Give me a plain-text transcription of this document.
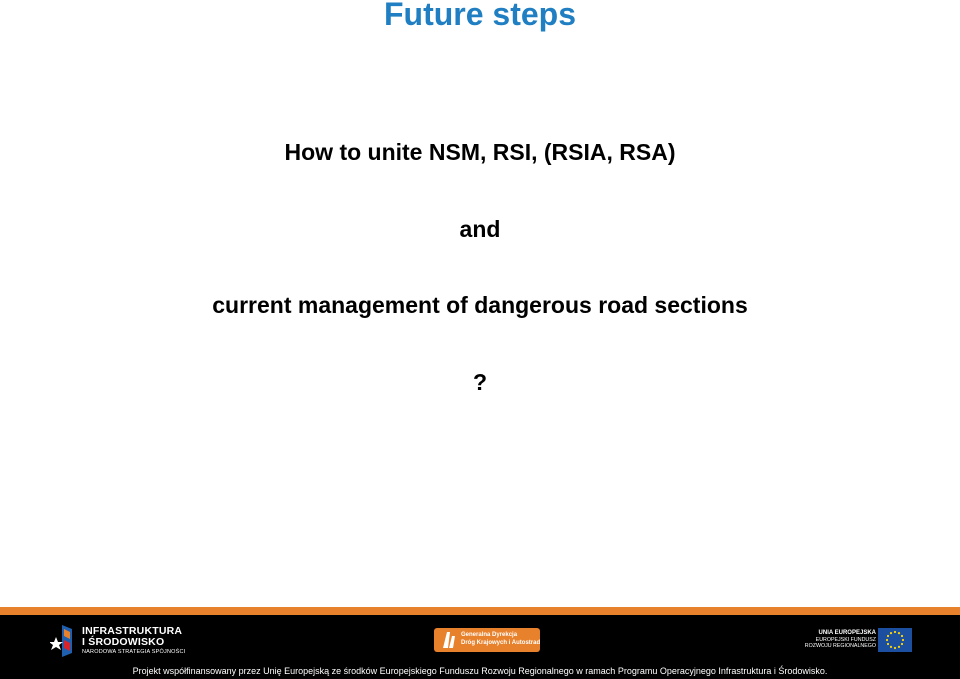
Future steps
How to unite NSM, RSI, (RSIA, RSA)
and
current management of dangerous road sections
?
INFRASTRUKTURA
I ŚRODOWISKO
NARODOWA STRATEGIA SPÓJNOŚCI
Generalna Dyrekcja
Dróg Krajowych i Autostrad
UNIA EUROPEJSKA
EUROPEJSKI FUNDUSZ
ROZWOJU REGIONALNEGO
Projekt współfinansowany przez Unię Europejską ze środków Europejskiego Funduszu Rozwoju Regionalnego w ramach Programu Operacyjnego Infrastruktura i Środowisko.
